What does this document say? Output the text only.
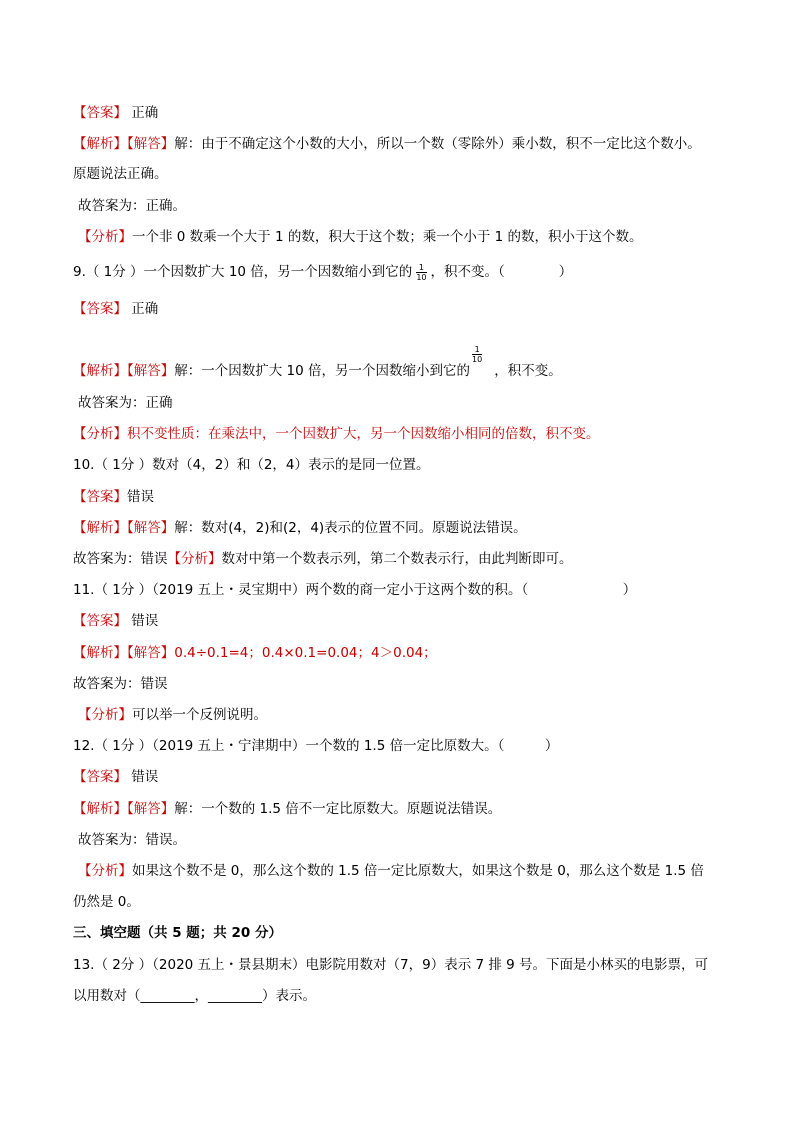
【答案】 正确
【解析】【解答】解：由于不确定这个小数的大小，所以一个数（零除外）乘小数，积不一定比这个数小。
原题说法正确。
故答案为：正确。
【分析】一个非 0 数乘一个大于 1 的数，积大于这个数；乘一个小于 1 的数，积小于这个数。
9.（ 1分 ）一个因数扩大 10 倍，另一个因数缩小到它的 $\frac{1}{10}$ ，积不变。（　　　　）
【答案】 正确
【解析】【解答】解：一个因数扩大 10 倍，另一个因数缩小到它的
$\frac{1}{10}$，积不变。
故答案为：正确
【分析】积不变性质：在乘法中，一个因数扩大，另一个因数缩小相同的倍数，积不变。
10.（ 1分 ）数对（4，2）和（2，4）表示的是同一位置。
【答案】错误
【解析】【解答】解：数对(4，2)和(2，4)表示的位置不同。原题说法错误。
故答案为：错误【分析】数对中第一个数表示列，第二个数表示行，由此判断即可。
11.（ 1分 ）（2019 五上・灵宝期中）两个数的商一定小于这两个数的积。（　　　　　　　）
【答案】 错误
【解析】【解答】0.4÷0.1=4；0.4×0.1=0.04；4＞0.04；
故答案为：错误
【分析】可以举一个反例说明。
12.（ 1分 ）（2019 五上・宁津期中）一个数的 1.5 倍一定比原数大。（　　　）
【答案】 错误
【解析】【解答】解：一个数的 1.5 倍不一定比原数大。原题说法错误。
故答案为：错误。
【分析】如果这个数不是 0，那么这个数的 1.5 倍一定比原数大，如果这个数是 0，那么这个数是 1.5 倍
仍然是 0。
三、填空题（共 5 题；共 20 分）
13.（ 2分 ）（2020 五上・景县期末）电影院用数对（7，9）表示 7 排 9 号。下面是小林买的电影票，可
以用数对（________，________）表示。
